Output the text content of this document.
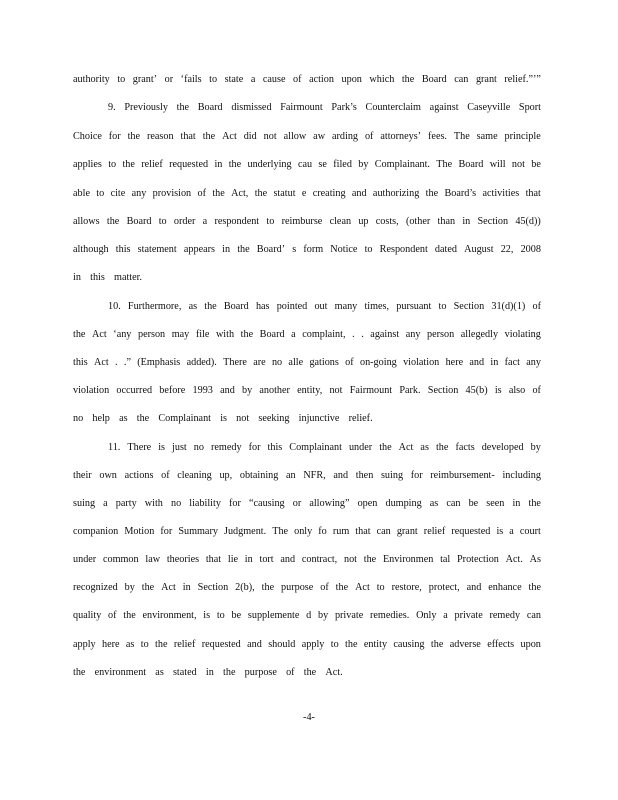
authority to grant’ or ‘fails to state a cause of action upon which the Board can grant relief.”’”
9. Previously the Board dismissed Fairmount Park’s Counterclaim against Caseyville Sport
Choice for the reason that the Act did not allow aw arding of attorneys’ fees. The same principle
applies to the relief requested in the underlying cau se filed by Complainant. The Board will not be
able to cite any provision of the Act, the statut e creating and authorizing the Board’s activities that
allows the Board to order a respondent to reimburse clean up costs, (other than in Section 45(d))
although this statement appears in the Board’ s form Notice to Respondent dated August 22, 2008
in this matter.
10. Furthermore, as the Board has pointed out many times, pursuant to Section 31(d)(1) of
the Act ‘any person may file with the Board a complaint, . . against any person allegedly violating
this Act . .” (Emphasis added). There are no alle gations of on-going violation here and in fact any
violation occurred before 1993 and by another entity, not Fairmount Park. Section 45(b) is also of
no help as the Complainant is not seeking injunctive relief.
11. There is just no remedy for this Complainant under the Act as the facts developed by
their own actions of cleaning up, obtaining an NFR, and then suing for reimbursement- including
suing a party with no liability for “causing or allowing” open dumping as can be seen in the
companion Motion for Summary Judgment. The only fo rum that can grant relief requested is a court
under common law theories that lie in tort and contract, not the Environmen tal Protection Act. As
recognized by the Act in Section 2(b), the purpose of the Act to restore, protect, and enhance the
quality of the environment, is to be supplemente d by private remedies. Only a private remedy can
apply here as to the relief requested and should apply to the entity causing the adverse effects upon
the environment as stated in the purpose of the Act.
-4-
